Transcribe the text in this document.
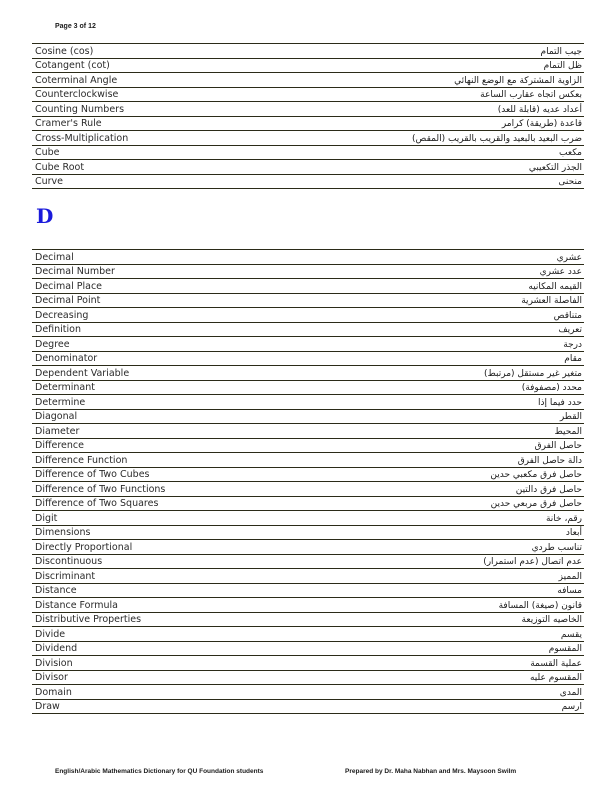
Page 3 of 12
Cosine (cos)	جيب التمام
Cotangent (cot)	ظل التمام
Coterminal Angle	الزاوية المشتركة مع الوضع النهائي
Counterclockwise	بعكس اتجاه عقارب الساعة
Counting Numbers	أعداد عديه (قابلة للعد)
Cramer's Rule	قاعدة (طريقة) كرامر
Cross-Multiplication	ضرب البعيد بالبعيد والقريب بالقريب (المقص)
Cube	مكعب
Cube Root	الجذر التكعيبي
Curve	منحنى
D
Decimal	عشري
Decimal Number	عدد عشري
Decimal Place	القيمه المكانيه
Decimal Point	الفاصلة العشرية
Decreasing	متناقص
Definition	تعريف
Degree	درجة
Denominator	مقام
Dependent Variable	متغير غير مستقل (مرتبط)
Determinant	محدد (مصفوفة)
Determine	حدد فيما إذا
Diagonal	القطر
Diameter	المحيط
Difference	حاصل الفرق
Difference Function	دالة حاصل الفرق
Difference of Two Cubes	حاصل فرق مكعبي حدين
Difference of Two Functions	حاصل فرق دالتين
Difference of Two Squares	حاصل فرق مربعي حدين
Digit	رقم، خانة
Dimensions	أبعاد
Directly Proportional	تناسب طردي
Discontinuous	عدم اتصال (عدم استمرار)
Discriminant	المميز
Distance	مسافه
Distance Formula	قانون (صيغة) المسافة
Distributive Properties	الخاصيه التوزيعة
Divide	يقسم
Dividend	المقسوم
Division	عملية القسمة
Divisor	المقسوم عليه
Domain	المدى
Draw	ارسم
English/Arabic Mathematics Dictionary for QU Foundation students	Prepared by Dr. Maha Nabhan and Mrs. Maysoon Swilm
